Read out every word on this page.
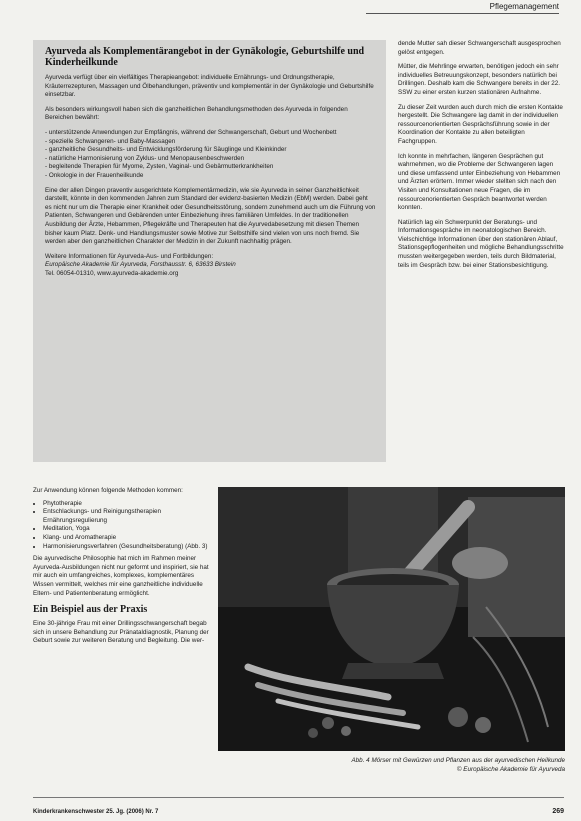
Pflegemanagement
Ayurveda als Komplementärangebot in der Gynäkologie, Geburtshilfe und Kinderheilkunde

Ayurveda verfügt über ein vielfältiges Therapieangebot: individuelle Ernährungs- und Ordnungstherapie, Kräuterrezepturen, Massagen und Ölbehandlungen, präventiv und komplementär in der Gynäkologie und Geburtshilfe einsetzbar.

Als besonders wirkungsvoll haben sich die ganzheitlichen Behandlungsmethoden des Ayurveda in folgenden Bereichen bewährt:

- unterstützende Anwendungen zur Empfängnis, während der Schwangerschaft, Geburt und Wochenbett
- spezielle Schwangeren- und Baby-Massagen
- ganzheitliche Gesundheits- und Entwicklungsförderung für Säuglinge und Kleinkinder
- natürliche Harmonisierung von Zyklus- und Menopausenbeschwerden
- begleitende Therapien für Myome, Zysten, Vaginal- und Gebärmutterkrankheiten
- Onkologie in der Frauenheilkunde

Eine der allen Dingen praventiv ausgerichtete Komplementärmedizin, wie sie Ayurveda in seiner Ganzheitlichkeit darstellt, könnte in den kommenden Jahren zum Standard der evidenz-basierten Medizin (EbM) werden. Dabei geht es nicht nur um die Therapie einer Krankheit oder Gesundheitsstörung, sondern zunehmend auch um die Führung von Patienten, Schwangeren und Gebärenden unter Einbeziehung ihres familiären Umfeldes. In der traditionellen Ausbildung der Ärzte, Hebammen, Pflegekräfte und Therapeuten hat die Ayurvedabesetzung mit diesen Themen bisher kaum Platz. Denk- und Handlungsmuster sowie Motive zur Selbsthilfe sind vielen von uns noch fremd. Sie werden aber den ganzheitlichen Charakter der Medizin in der Zukunft nachhaltig prägen.

Weitere Informationen für Ayurveda-Aus- und Fortbildungen:
Europäische Akademie für Ayurveda, Forsthausstr. 6, 63633 Birstein
Tel. 06054-01310, www.ayurveda-akademie.org

dende Mutter sah dieser Schwangerschaft ausgesprochen gelöst entgegen.

Mütter, die Mehrlinge erwarten, benötigen jedoch ein sehr individuelles Betreuungskonzept, besonders natürlich bei Drillingen. Deshalb kam die Schwangere bereits in der 22. SSW zu einer ersten kurzen stationären Aufnahme.

Zu dieser Zeit wurden auch durch mich die ersten Kontakte hergestellt. Die Schwangere lag damit in der individuellen ressourcenorientierten Gesprächsführung sowie in der Koordination der Kontakte zu allen beteiligten Fachgruppen.

Ich konnte in mehrfachen, längeren Gesprächen gut wahrnehmen, wo die Probleme der Schwangeren lagen und diese umfassend unter Einbeziehung von Hebammen und Ärzten erörtern. Immer wieder stellten sich nach den Visiten und Konsultationen neue Fragen, die im ressourcenorientierten Gespräch beantwortet werden konnten.

Natürlich lag ein Schwerpunkt der Beratungs- und Informationsgespräche im neonatologischen Bereich. Vielschichtige Informationen über den stationären Ablauf, Stationsgepflogenheiten und mögliche Behandlungsschritte mussten weitergegeben werden, teils durch Bildmaterial, teils im Gespräch bzw. bei einer Stationsbesichtigung.

Zur Anwendung können folgende Methoden kommen:

• Phytotherapie
• Entschlackungs- und Reinigungstherapien Ernährungsregulierung
• Meditation, Yoga
• Klang- und Aromatherapie
• Harmonisierungsverfahren (Gesundheitsberatung) (Abb. 3)

Die ayurvedische Philosophie hat mich im Rahmen meiner Ayurveda-Ausbildungen nicht nur geformt und inspiriert, sie hat mir auch ein umfangreiches, komplexes, komplementäres Wissen vermittelt, welches mir eine ganzheitliche individuelle Eltern- und Patientenberatung ermöglicht.

Ein Beispiel aus der Praxis

Eine 30-jährige Frau mit einer Drillingsschwangerschaft begab sich in unsere Behandlung zur Pränataldiagnostik, Planung der Geburt sowie zur weiteren Beratung und Begleitung. Die wer-

Abb. 4 Mörser mit Gewürzen und Pflanzen aus der ayurvedischen Heilkunde
© Europäische Akademie für Ayurveda
Kinderkrankenschwester 25. Jg. (2006) Nr. 7	269
